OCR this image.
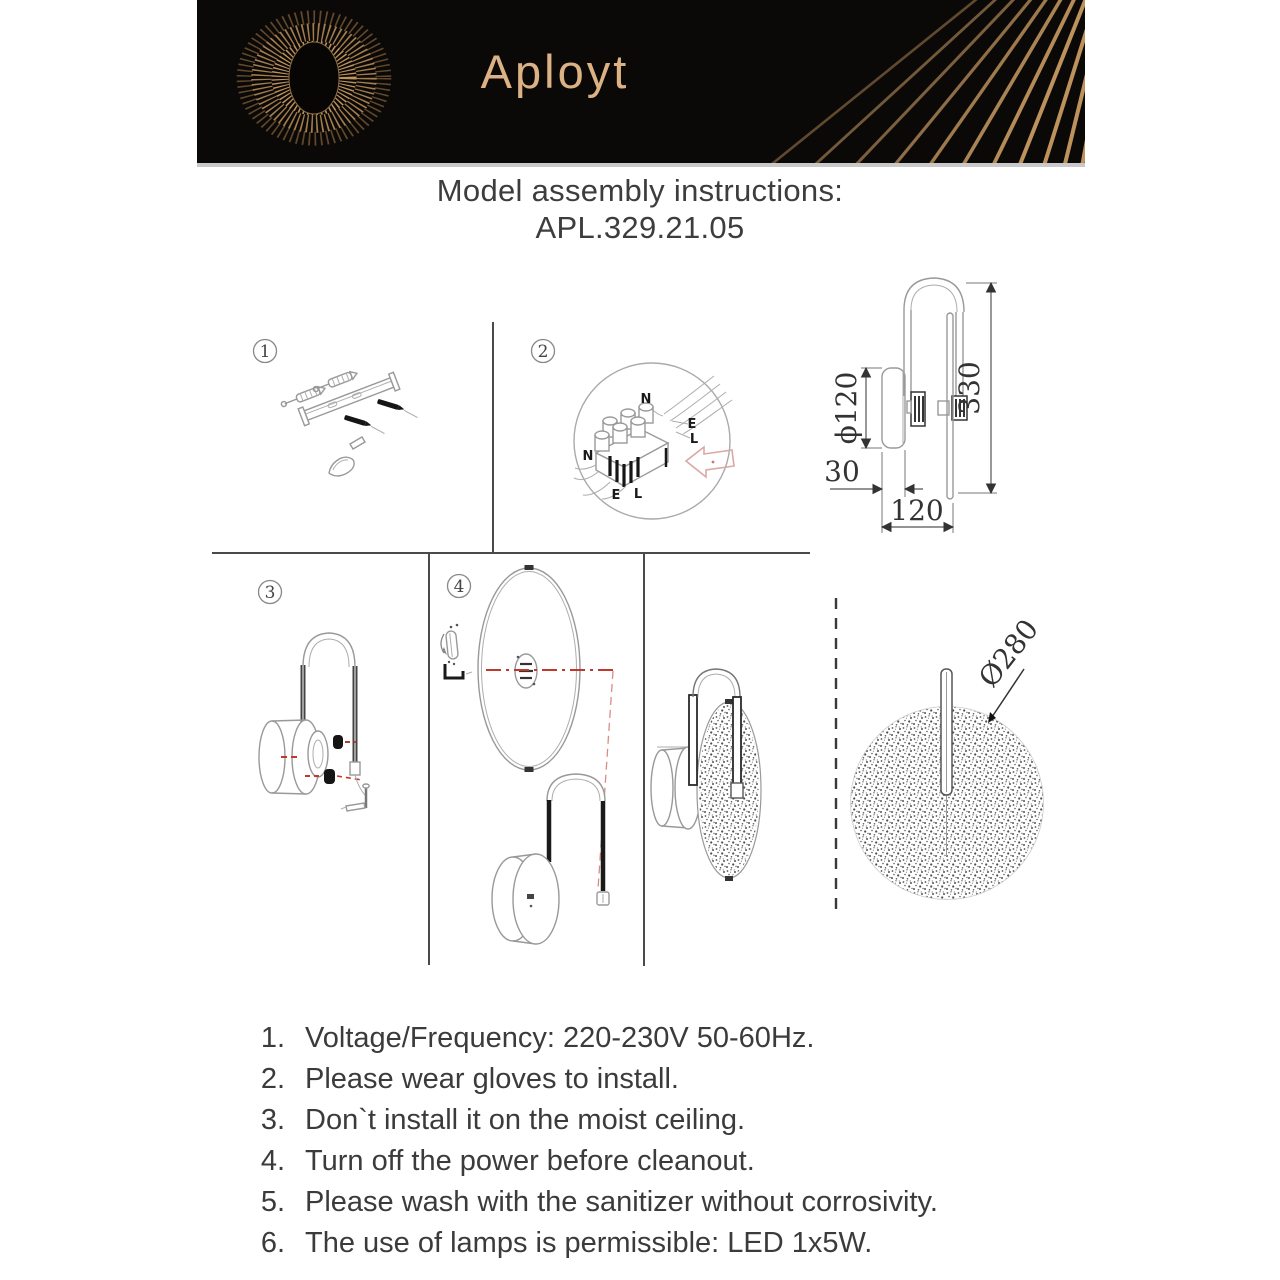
Aployt
Model assembly instructions:
APL.329.21.05
1	2
3	4
N
E
L
N
E L
330
ϕ120
30
120
Ø280
1. Voltage/Frequency: 220-230V 50-60Hz.
2. Please wear gloves to install.
3. Don`t install it on the moist ceiling.
4. Turn off the power before cleanout.
5. Please wash with the sanitizer without corrosivity.
6. The use of lamps is permissible: LED 1x5W.
